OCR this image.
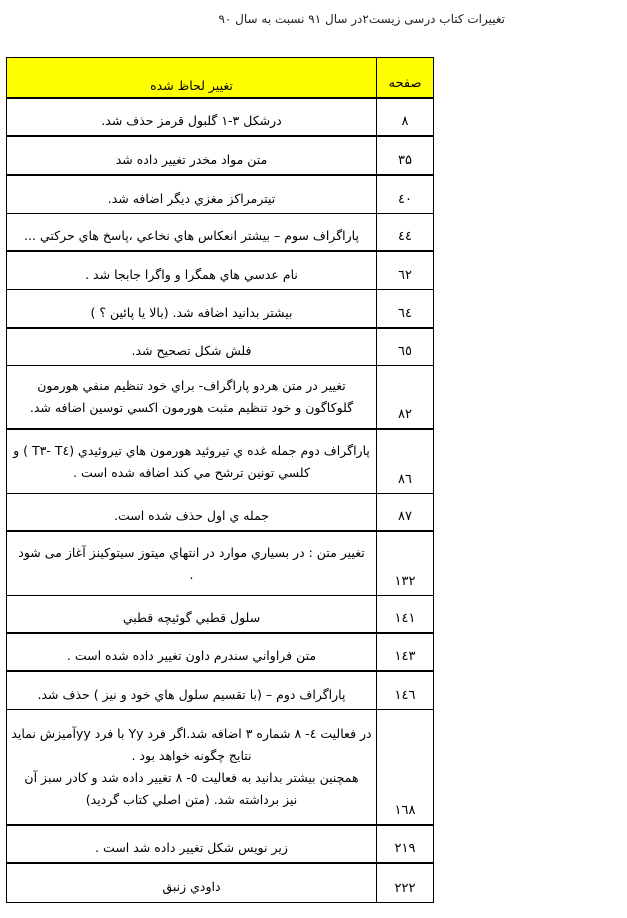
تغییرات کتاب درسی زیست۲در سال ۹۱ نسبت به سال ۹۰
صفحه	تغییر لحاظ شده
۸	درشکل ۳-۱ گلبول قرمز حذف شد.

۳۵	متن مواد مخدر تغییر داده شد

٤٠	تیترمراکز مغزي دیگر اضافه شد.

٤٤	پاراگراف سوم – بیشتر انعکاس هاي نخاعي ،پاسخ هاي حرکتي ...

٦٢	نام عدسي هاي همگرا و واگرا جابجا شد .

٦٤	بیشتر بدانید اضافه شد. (بالا یا پائین ؟ )

٦٥	فلش شکل تصحیح شد.

٨٢	تغییر در متن هردو پاراگراف- براي خود تنظیم منفي هورمون
گلوکاگون و خود تنظیم مثبت هورمون اکسي توسین اضافه شد.

٨٦	پاراگراف دوم جمله غده ي تیروئید هورمون هاي تیروئیدي (T٤ -T٣ ) و
کلسي تونین ترشح مي کند اضافه شده است .

٨٧	جمله ي اول حذف شده است.

١٣٢	تغییر متن : در بسیاري موارد در انتهاي میتوز سیتوکینز آغاز می شود
.

١٤١	سلول قطبي گوئیچه قطبي

١٤٣	متن فراواني سندرم داون تغییر داده شده است .

١٤٦	پاراگراف دوم – (با تقسیم سلول هاي خود و نیز ) حذف شد.

١٦٨	در فعالیت ٤- ٨ شماره ٣ اضافه شد.اگر فرد Yy با فرد yyآمیزش نماید
نتایج چگونه خواهد بود .
همچنین بیشتر بدانید به فعالیت ٥- ٨ تغییر داده شد و کادر سبز آن
نیز برداشته شد. (متن اصلي کتاب گردید)

٢١٩	زیر نویس شکل تغییر داده شد است .

٢٢٢	داودي زنبق
